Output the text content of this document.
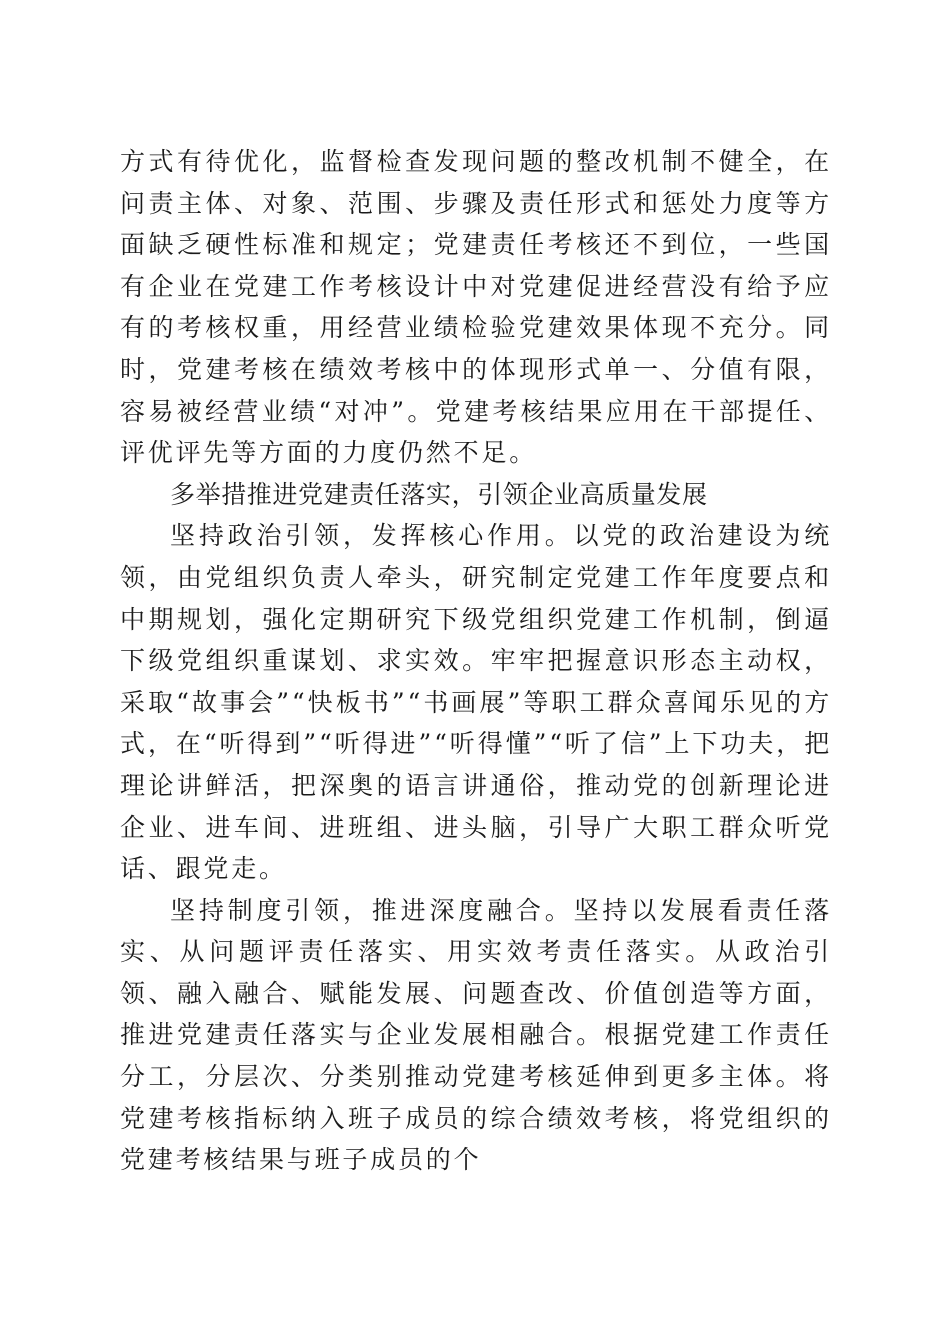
方式有待优化，监督检查发现问题的整改机制不健全，在问责主体、对象、范围、步骤及责任形式和惩处力度等方面缺乏硬性标准和规定；党建责任考核还不到位，一些国有企业在党建工作考核设计中对党建促进经营没有给予应有的考核权重，用经营业绩检验党建效果体现不充分。同时，党建考核在绩效考核中的体现形式单一、分值有限，容易被经营业绩“对冲”。党建考核结果应用在干部提任、评优评先等方面的力度仍然不足。

多举措推进党建责任落实，引领企业高质量发展

坚持政治引领，发挥核心作用。以党的政治建设为统领，由党组织负责人牵头，研究制定党建工作年度要点和中期规划，强化定期研究下级党组织党建工作机制，倒逼下级党组织重谋划、求实效。牢牢把握意识形态主动权，采取“故事会”“快板书”“书画展”等职工群众喜闻乐见的方式，在“听得到”“听得进”“听得懂”“听了信”上下功夫，把理论讲鲜活，把深奥的语言讲通俗，推动党的创新理论进企业、进车间、进班组、进头脑，引导广大职工群众听党话、跟党走。

坚持制度引领，推进深度融合。坚持以发展看责任落实、从问题评责任落实、用实效考责任落实。从政治引领、融入融合、赋能发展、问题查改、价值创造等方面，推进党建责任落实与企业发展相融合。根据党建工作责任分工，分层次、分类别推动党建考核延伸到更多主体。将党建考核指标纳入班子成员的综合绩效考核，将党组织的党建考核结果与班子成员的个
